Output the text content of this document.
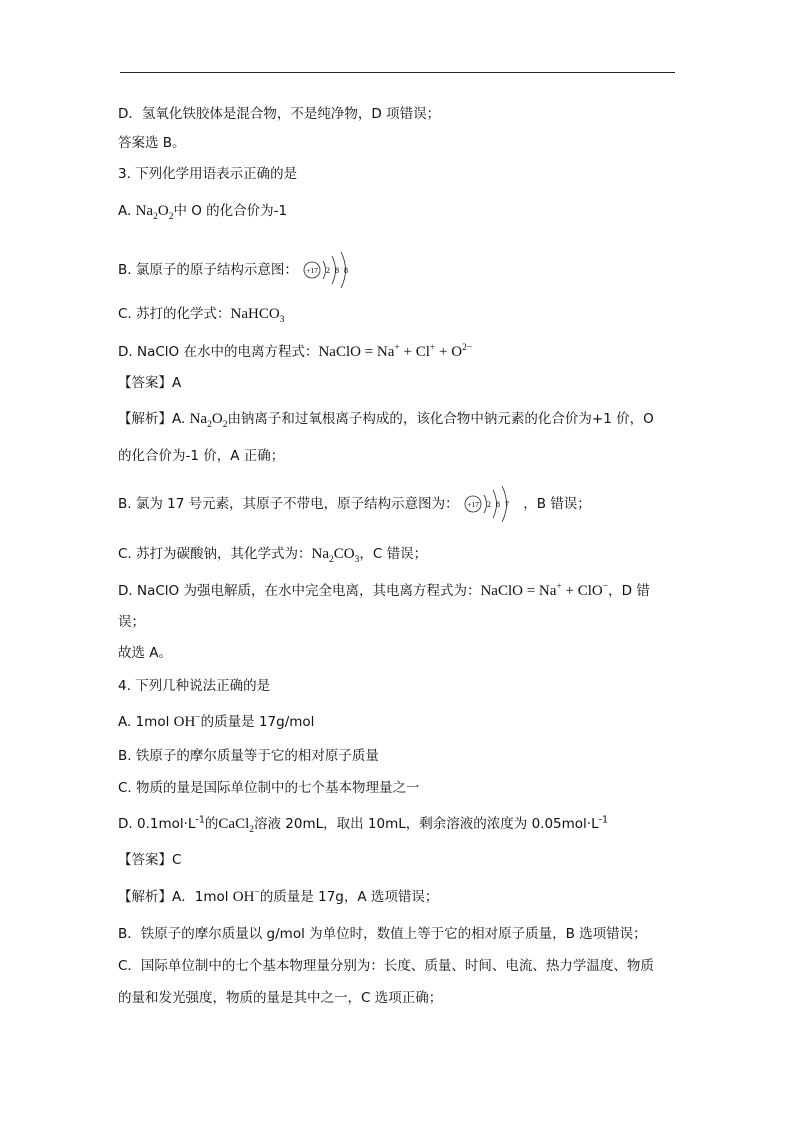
D．氢氧化铁胶体是混合物，不是纯净物，D 项错误；
答案选 B。
3. 下列化学用语表示正确的是
A. $Na_2O_2$中 O 的化合价为-1
B. 氯原子的原子结构示意图： +17 2 8 8
C. 苏打的化学式：NaHCO$_3$
D. NaClO 在水中的电离方程式：NaClO = $Na^+ + Cl^+ + O^{2-}$
【答案】A
【解析】A. $Na_2O_2$由钠离子和过氧根离子构成的，该化合物中钠元素的化合价为+1 价，O
的化合价为-1 价，A 正确；
B. 氯为 17 号元素，其原子不带电，原子结构示意图为： +17 2 8 7 ，B 错误；
C. 苏打为碳酸钠，其化学式为：$Na_2CO_3$，C 错误；
D. NaClO 为强电解质，在水中完全电离，其电离方程式为：NaClO = Na+ + ClO−，D 错
误；
故选 A。
4. 下列几种说法正确的是
A. 1mol OH−的质量是 17g/mol
B. 铁原子的摩尔质量等于它的相对原子质量
C. 物质的量是国际单位制中的七个基本物理量之一
D. $0.1mol\cdot L^{-1}$的CaCl$_2$溶液 20mL，取出 10mL，剩余溶液的浓度为 $0.05mol\cdot L^{-1}$
【答案】C
【解析】A．1mol OH−的质量是 17g，A 选项错误；
B．铁原子的摩尔质量以 g/mol 为单位时，数值上等于它的相对原子质量，B 选项错误；
C．国际单位制中的七个基本物理量分别为：长度、质量、时间、电流、热力学温度、物质
的量和发光强度，物质的量是其中之一，C 选项正确；
